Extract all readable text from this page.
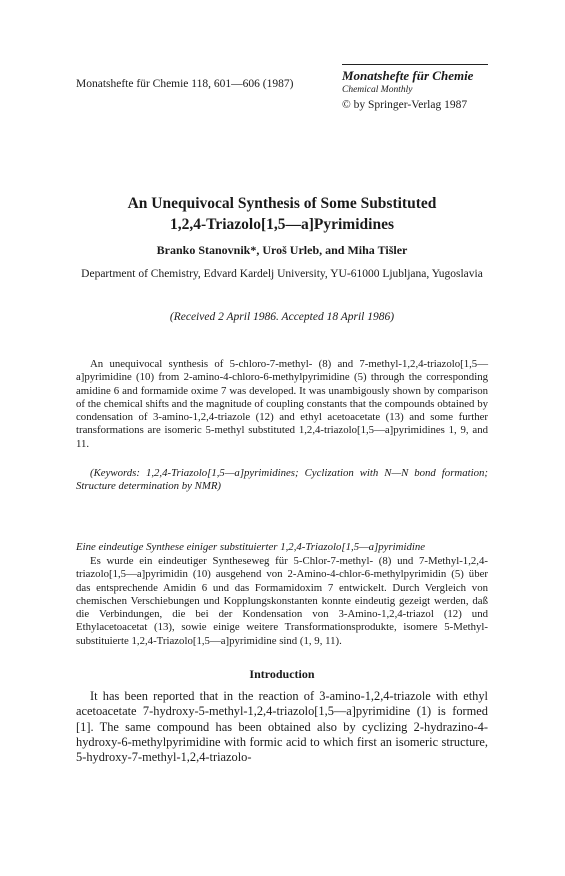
Monatshefte für Chemie 118, 601—606 (1987)
Monatshefte für Chemie
Chemical Monthly
© by Springer-Verlag 1987
An Unequivocal Synthesis of Some Substituted
1,2,4-Triazolo[1,5—a]Pyrimidines
Branko Stanovnik*, Uroš Urleb, and Miha Tišler
Department of Chemistry, Edvard Kardelj University, YU-61000 Ljubljana, Yugoslavia
(Received 2 April 1986. Accepted 18 April 1986)

An unequivocal synthesis of 5-chloro-7-methyl- (8) and 7-methyl-1,2,4-triazolo[1,5—a]pyrimidine (10) from 2-amino-4-chloro-6-methylpyrimidine (5) through the corresponding amidine 6 and formamide oxime 7 was developed. It was unambigously shown by comparison of the chemical shifts and the magnitude of coupling constants that the compounds obtained by condensation of 3-amino-1,2,4-triazole (12) and ethyl acetoacetate (13) and some further transformations are isomeric 5-methyl substituted 1,2,4-triazolo[1,5—a]pyrimidines 1, 9, and 11.

(Keywords: 1,2,4-Triazolo[1,5—a]pyrimidines; Cyclization with N—N bond formation; Structure determination by NMR)
Eine eindeutige Synthese einiger substituierter 1,2,4-Triazolo[1,5—a]pyrimidine

Es wurde ein eindeutiger Syntheseweg für 5-Chlor-7-methyl- (8) und 7-Methyl-1,2,4-triazolo[1,5—a]pyrimidin (10) ausgehend von 2-Amino-4-chlor-6-methylpyrimidin (5) über das entsprechende Amidin 6 und das Formamidoxim 7 entwickelt. Durch Vergleich von chemischen Verschiebungen und Kopplungskonstanten konnte eindeutig gezeigt werden, daß die Verbindungen, die bei der Kondensation von 3-Amino-1,2,4-triazol (12) und Ethylacetoacetat (13), sowie einige weitere Transformationsprodukte, isomere 5-Methyl-substituierte 1,2,4-Triazolo[1,5—a]pyrimidine sind (1, 9, 11).

Introduction

It has been reported that in the reaction of 3-amino-1,2,4-triazole with ethyl acetoacetate 7-hydroxy-5-methyl-1,2,4-triazolo[1,5—a]pyrimidine (1) is formed [1]. The same compound has been obtained also by cyclizing 2-hydrazino-4-hydroxy-6-methylpyrimidine with formic acid to which first an isomeric structure, 5-hydroxy-7-methyl-1,2,4-triazolo-
